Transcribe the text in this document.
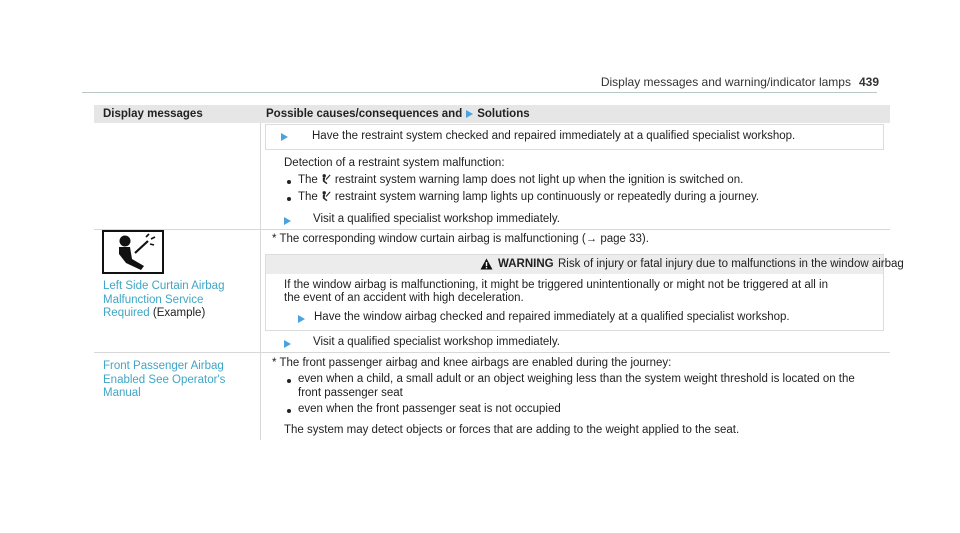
Display messages and warning/indicator lamps 439
Display messages	Possible causes/consequences and Solutions
Have the restraint system checked and repaired immediately at a qualified specialist workshop.
Detection of a restraint system malfunction:
The restraint system warning lamp does not light up when the ignition is switched on.
The restraint system warning lamp lights up continuously or repeatedly during a journey.
Visit a qualified specialist workshop immediately.
Left Side Curtain Airbag
Malfunction Service
Required (Example)
* The corresponding window curtain airbag is malfunctioning (→ page 33).
WARNING Risk of injury or fatal injury due to malfunctions in the window airbag
If the window airbag is malfunctioning, it might be triggered unintentionally or might not be triggered at all in
the event of an accident with high deceleration.
Have the window airbag checked and repaired immediately at a qualified specialist workshop.
Visit a qualified specialist workshop immediately.
Front Passenger Airbag
Enabled See Operator's
Manual
* The front passenger airbag and knee airbags are enabled during the journey:
even when a child, a small adult or an object weighing less than the system weight threshold is located on the
front passenger seat
even when the front passenger seat is not occupied
The system may detect objects or forces that are adding to the weight applied to the seat.
